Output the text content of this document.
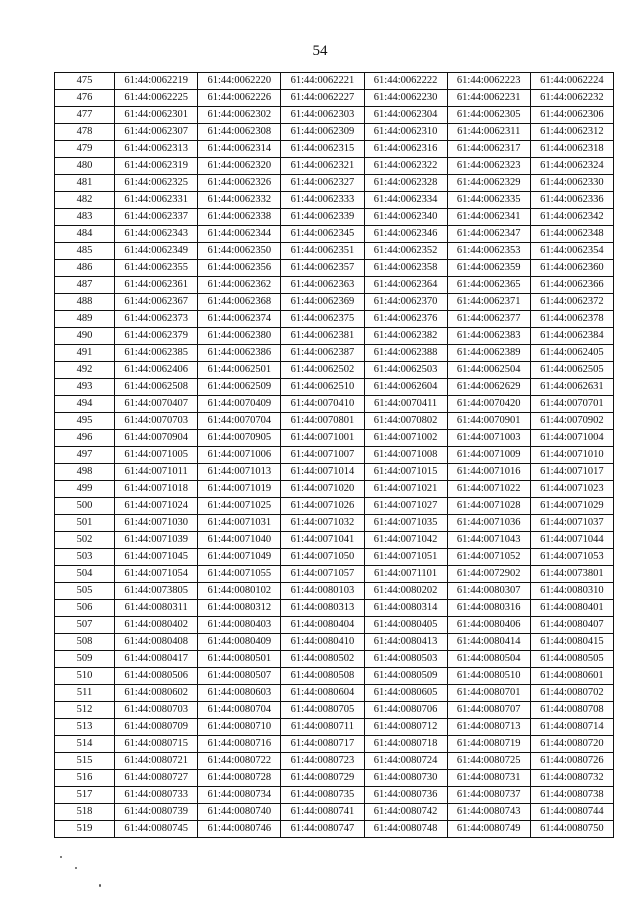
54
475	61:44:0062219	61:44:0062220	61:44:0062221	61:44:0062222	61:44:0062223	61:44:0062224
476	61:44:0062225	61:44:0062226	61:44:0062227	61:44:0062230	61:44:0062231	61:44:0062232
477	61:44:0062301	61:44:0062302	61:44:0062303	61:44:0062304	61:44:0062305	61:44:0062306
478	61:44:0062307	61:44:0062308	61:44:0062309	61:44:0062310	61:44:0062311	61:44:0062312
479	61:44:0062313	61:44:0062314	61:44:0062315	61:44:0062316	61:44:0062317	61:44:0062318
480	61:44:0062319	61:44:0062320	61:44:0062321	61:44:0062322	61:44:0062323	61:44:0062324
481	61:44:0062325	61:44:0062326	61:44:0062327	61:44:0062328	61:44:0062329	61:44:0062330
482	61:44:0062331	61:44:0062332	61:44:0062333	61:44:0062334	61:44:0062335	61:44:0062336
483	61:44:0062337	61:44:0062338	61:44:0062339	61:44:0062340	61:44:0062341	61:44:0062342
484	61:44:0062343	61:44:0062344	61:44:0062345	61:44:0062346	61:44:0062347	61:44:0062348
485	61:44:0062349	61:44:0062350	61:44:0062351	61:44:0062352	61:44:0062353	61:44:0062354
486	61:44:0062355	61:44:0062356	61:44:0062357	61:44:0062358	61:44:0062359	61:44:0062360
487	61:44:0062361	61:44:0062362	61:44:0062363	61:44:0062364	61:44:0062365	61:44:0062366
488	61:44:0062367	61:44:0062368	61:44:0062369	61:44:0062370	61:44:0062371	61:44:0062372
489	61:44:0062373	61:44:0062374	61:44:0062375	61:44:0062376	61:44:0062377	61:44:0062378
490	61:44:0062379	61:44:0062380	61:44:0062381	61:44:0062382	61:44:0062383	61:44:0062384
491	61:44:0062385	61:44:0062386	61:44:0062387	61:44:0062388	61:44:0062389	61:44:0062405
492	61:44:0062406	61:44:0062501	61:44:0062502	61:44:0062503	61:44:0062504	61:44:0062505
493	61:44:0062508	61:44:0062509	61:44:0062510	61:44:0062604	61:44:0062629	61:44:0062631
494	61:44:0070407	61:44:0070409	61:44:0070410	61:44:0070411	61:44:0070420	61:44:0070701
495	61:44:0070703	61:44:0070704	61:44:0070801	61:44:0070802	61:44:0070901	61:44:0070902
496	61:44:0070904	61:44:0070905	61:44:0071001	61:44:0071002	61:44:0071003	61:44:0071004
497	61:44:0071005	61:44:0071006	61:44:0071007	61:44:0071008	61:44:0071009	61:44:0071010
498	61:44:0071011	61:44:0071013	61:44:0071014	61:44:0071015	61:44:0071016	61:44:0071017
499	61:44:0071018	61:44:0071019	61:44:0071020	61:44:0071021	61:44:0071022	61:44:0071023
500	61:44:0071024	61:44:0071025	61:44:0071026	61:44:0071027	61:44:0071028	61:44:0071029
501	61:44:0071030	61:44:0071031	61:44:0071032	61:44:0071035	61:44:0071036	61:44:0071037
502	61:44:0071039	61:44:0071040	61:44:0071041	61:44:0071042	61:44:0071043	61:44:0071044
503	61:44:0071045	61:44:0071049	61:44:0071050	61:44:0071051	61:44:0071052	61:44:0071053
504	61:44:0071054	61:44:0071055	61:44:0071057	61:44:0071101	61:44:0072902	61:44:0073801
505	61:44:0073805	61:44:0080102	61:44:0080103	61:44:0080202	61:44:0080307	61:44:0080310
506	61:44:0080311	61:44:0080312	61:44:0080313	61:44:0080314	61:44:0080316	61:44:0080401
507	61:44:0080402	61:44:0080403	61:44:0080404	61:44:0080405	61:44:0080406	61:44:0080407
508	61:44:0080408	61:44:0080409	61:44:0080410	61:44:0080413	61:44:0080414	61:44:0080415
509	61:44:0080417	61:44:0080501	61:44:0080502	61:44:0080503	61:44:0080504	61:44:0080505
510	61:44:0080506	61:44:0080507	61:44:0080508	61:44:0080509	61:44:0080510	61:44:0080601
511	61:44:0080602	61:44:0080603	61:44:0080604	61:44:0080605	61:44:0080701	61:44:0080702
512	61:44:0080703	61:44:0080704	61:44:0080705	61:44:0080706	61:44:0080707	61:44:0080708
513	61:44:0080709	61:44:0080710	61:44:0080711	61:44:0080712	61:44:0080713	61:44:0080714
514	61:44:0080715	61:44:0080716	61:44:0080717	61:44:0080718	61:44:0080719	61:44:0080720
515	61:44:0080721	61:44:0080722	61:44:0080723	61:44:0080724	61:44:0080725	61:44:0080726
516	61:44:0080727	61:44:0080728	61:44:0080729	61:44:0080730	61:44:0080731	61:44:0080732
517	61:44:0080733	61:44:0080734	61:44:0080735	61:44:0080736	61:44:0080737	61:44:0080738
518	61:44:0080739	61:44:0080740	61:44:0080741	61:44:0080742	61:44:0080743	61:44:0080744
519	61:44:0080745	61:44:0080746	61:44:0080747	61:44:0080748	61:44:0080749	61:44:0080750
